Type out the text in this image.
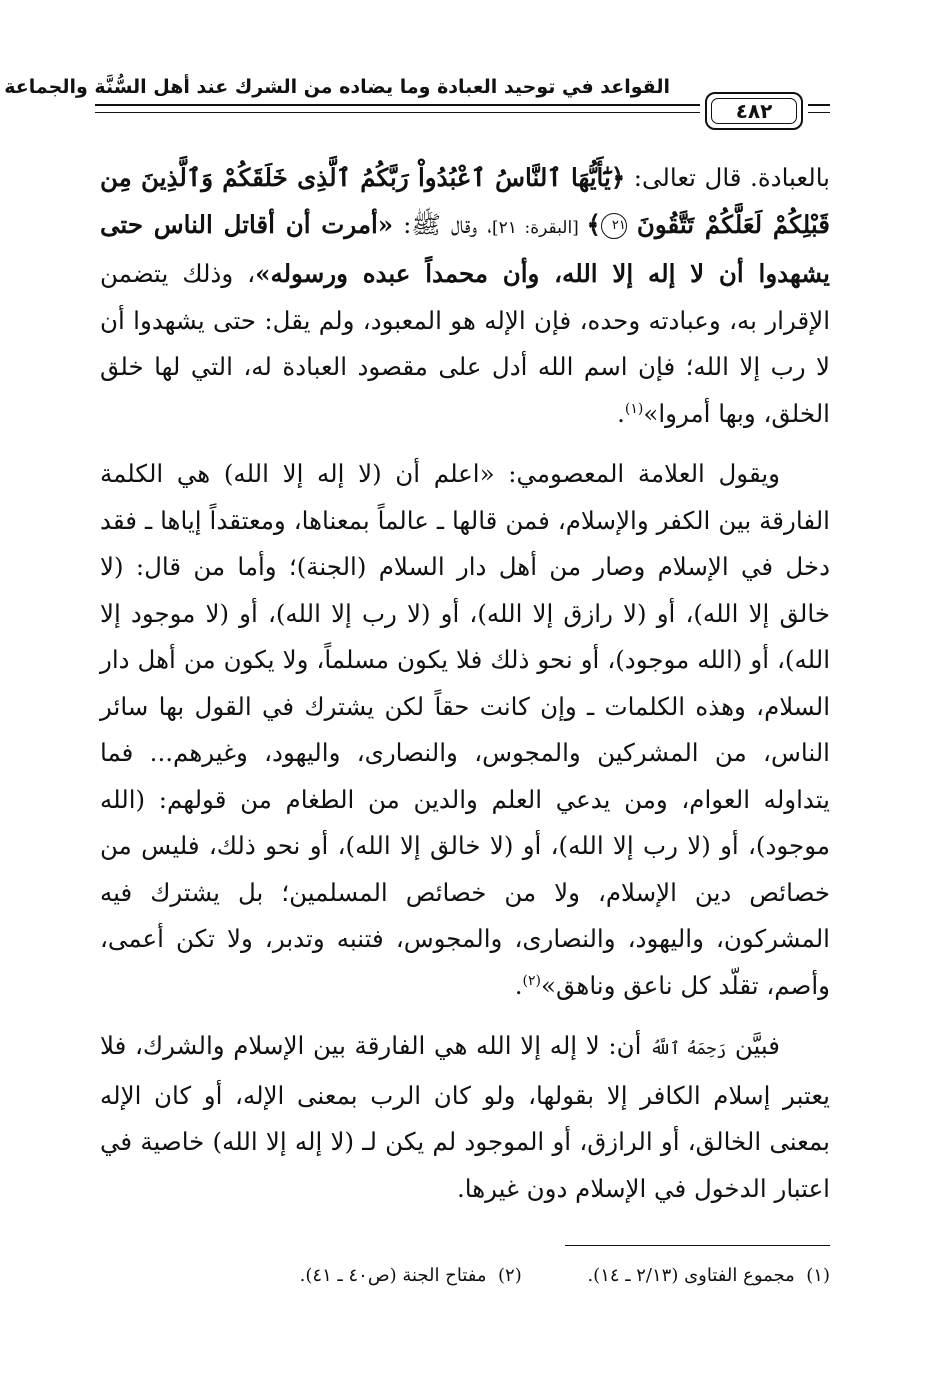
القواعد في توحيد العبادة وما يضاده من الشرك عند أهل السُّنَّة والجماعة
٤٨٢

بالعبادة. قال تعالى: ﴿يَٰٓأَيُّهَا ٱلنَّاسُ ٱعْبُدُواْ رَبَّكُمُ ٱلَّذِى خَلَقَكُمْ وَٱلَّذِينَ مِن قَبْلِكُمْ لَعَلَّكُمْ تَتَّقُونَ ٢١﴾ [البقرة: ٢١]، وقال ﷺ: «أمرت أن أقاتل الناس حتى يشهدوا أن لا إله إلا الله، وأن محمداً عبده ورسوله»، وذلك يتضمن الإقرار به، وعبادته وحده، فإن الإله هو المعبود، ولم يقل: حتى يشهدوا أن لا رب إلا الله؛ فإن اسم الله أدل على مقصود العبادة له، التي لها خلق الخلق، وبها أمروا»$^{(١)}$.

ويقول العلامة المعصومي: «اعلم أن (لا إله إلا الله) هي الكلمة الفارقة بين الكفر والإسلام، فمن قالها ـ عالماً بمعناها، ومعتقداً إياها ـ فقد دخل في الإسلام وصار من أهل دار السلام (الجنة)؛ وأما من قال: (لا خالق إلا الله)، أو (لا رازق إلا الله)، أو (لا رب إلا الله)، أو (لا موجود إلا الله)، أو (الله موجود)، أو نحو ذلك فلا يكون مسلماً، ولا يكون من أهل دار السلام، وهذه الكلمات ـ وإن كانت حقاً لكن يشترك في القول بها سائر الناس، من المشركين والمجوس، والنصارى، واليهود، وغيرهم... فما يتداوله العوام، ومن يدعي العلم والدين من الطغام من قولهم: (الله موجود)، أو (لا رب إلا الله)، أو (لا خالق إلا الله)، أو نحو ذلك، فليس من خصائص دين الإسلام، ولا من خصائص المسلمين؛ بل يشترك فيه المشركون، واليهود، والنصارى، والمجوس، فتنبه وتدبر، ولا تكن أعمى، وأصم، تقلّد كل ناعق وناهق»$^{(٢)}$.

فبيَّن رَحِمَهُ ٱللَّهُ أن: لا إله إلا الله هي الفارقة بين الإسلام والشرك، فلا يعتبر إسلام الكافر إلا بقولها، ولو كان الرب بمعنى الإله، أو كان الإله بمعنى الخالق، أو الرازق، أو الموجود لم يكن لـ (لا إله إلا الله) خاصية في اعتبار الدخول في الإسلام دون غيرها.

(١)  مجموع الفتاوى (٢/١٣ ـ ١٤). (٢)  مفتاح الجنة (ص٤٠ ـ ٤١).
